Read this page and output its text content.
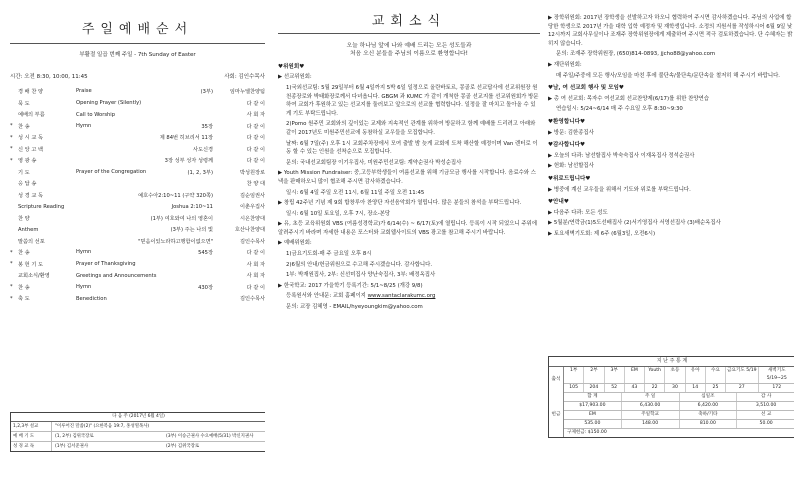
주일예배순서
부활절 일곱 번째 주일 - 7th Sunday of Easter
시간: 오전 8:30, 10:00, 11:45	사회: 김인수목사
경 배 찬 양	Praise	(3부)	임마누엘찬양팀
묵 도	Opening Prayer (Silently)	다 같 이
예배의 부름	Call to Worship	사 회 자
*	찬 송	Hymn	35장	다 같 이
*	성 시 교 독	제 84번 히브리서 11장	다 같 이
*	신 앙 고 백	사도신경	다 같 이
*	영 광 송	3장 성부 성자 성령께	다 같 이
기 도	Prayer of the Congregation	(1, 2, 3부)	박성원장로
응 답 송	찬 양 대
성 경 교 독	예호수아2:10~11 (구약 320쪽)	김순임권사
Scripture Reading	Joshua 2:10~11	이춘우집사
찬 양	(1부) 여호와여 나의 영혼이	시온찬양대
Anthem	(3부) 주는 나의 빛	호산나찬양대
말씀의 선포	"믿음이있노라하고행함이없으면"	김인수목사
*	찬 송	Hymn	545장	다 같 이
*	봉 헌 기 도	Prayer of Thanksgiving	사 회 자
교회소식/환영	Greetings and Announcements	사 회 자
*	찬 송	Hymn	430장	다 같 이
*	축 도	Benediction	김인수목사
다 음 주 (2017년 6월 4일)
1,2,3부 설교	"이루어진 말씀(2)" (요한복음 19:7, 홍성열목사)
예 배 기 도	(1, 2부) 김위국장로	(3부) 이승근권사 수요예배(5/31) 박신지권사
성 경 교 독	(1부) 김서준권사	(2부) 김위국장로
교회소식
오늘 하나님 앞에 나와 예배 드리는 모든 성도들과
처음 오신 분들을 주님의 이름으로 환영합니다!
♥위원회♥
▶ 선교위원회:
1)국외선교팀: 5월 29일부터 6월 4일까지 5박 6일 일정으로 올란바토르, 몽골로 선교답사에 선교위원장 원천종장로와 박태화장로께서 다녀옵니다. GBGM 과 KUMC 가 같이 개척한 몽골 선교지를 선교위원회가 방문하여 교회가 후원하고 있는 선교지를 둘러보고 앞으로의 선교를 협력합니다. 일정을 잘 마치고 돌아올 수 있게 기도 부탁드립니다.
2)Pomo 원주민 교회와의 깊이있는 교제와 지속적인 관계를 위하여 방문하고 함께 예배를 드리려고 아래와 같이 2017년도 미원주민선교에 동참하실 교우들을 모집합니다.
날짜: 6월 7일(주) 오후 1시 교회주차장에서 모여 출발 밤 늦게 교회에 도착 해산할 예정이며 Van 렌터로 이동 할 수 있는 인원을 선착순으로 모집합니다.
문의: 국내선교회팀장 이기우집사, 미원주민선교팀: 계약순권사 박성순집사
▶ Youth Mission Fundraiser: 중,고등부학생들이 여름선교를 위해 기금모금 행사를 시작합니다. 음료수와 스낵을 판매하오니 많이 협조해 주시면 감사하겠습니다.
일시: 6월 4일 주일 오전 11시, 6월 11일 주일 오전 11:45
▶ 창립 42주년 기념 제 9회 합창루아 찬양단 자선음악회가 열립니다. 많은 분들의 참석을 부탁드립니다.
일시: 6월 10일 토요일, 오후 7시, 장소-본당
▶ 유, 초등 교육위원회 VBS (여름성경학교)가 6/14(수) ~ 6/17(토)에 열립니다. 등록이 시작 되었으니 주위에 알려주시기 바라며 자세한 내용은 포스터와 교회웹사이트의 VBS 광고를 참고해 주시기 바랍니다.
▶ 예배위원회:
1)금요기도회-매 주 금요일 오후 8시
2)6월의 안내/헌금위원으로 수고해 주시겠습니다. 감사합니다.
1부: 박재원집사, 2부: 신선미집사 양난숙집사, 3부: 배정옥집사
▶ 한국학교: 2017 가을학기 등록기간: 5/1~8/25 (개강 9/8)
등록원서와 안내문: 교회 홈페이지 www.santaclarakumc.org
문의: 교장 김혜영 - EMAIL/hyeyoungkim@yahoo.com
▶ 장학위원회: 2017년 장학생을 선발하고자 하오니 협력하여 주시면 감사하겠습니다. 주님의 사업에 합당한 학생으로 2017년 가을 대학 입학 예정자 및 재학생입니다. 소정의 지원서를 작성하시어 6월 9일 낮 12시까지 교회사무실이나 조재주 장학위원장에게 제출하여 주시면 적극 검토하겠습니다. 단 수혜자는 밝히지 않습니다.
문의: 조재주 장학위원장, (650)814-0893, jjcho88@yahoo.com
▶ 재단위원회:
매 주일/주중에 모든 행사/모임을 마친 후에 불단속/물단속/문단속을 철저히 해 주시기 바랍니다.
♥남, 여 선교회 행사 및 모임♥
▶ 총 여 선교회: 목자수 여선교회 선교찬양제(6/17)를 위한 찬양연습
연습일시: 5/24~6/14 매 주 수요일 오후 8:30~9:30
♥환영합니다♥
▶ 방문: 김한종집사
♥감사합니다♥
▶ 오늘의 다과: 남선할집사 박숙숙집사 이재옥집사 정석순권사
▶ 헌화: 남선할집사
♥위로드립니다♥
▶ 병중에 계신 교우들을 위해서 기도와 위로를 부탁드립니다.
♥안내♥
▶ 다음주 다과: 모든 성도
▶ 5월분/연락금(1)5도선배집사 (2)서기영집사 서영선집사 (3)배순옥집사
▶ 토요새벽기도회: 제 6주 (6월3일, 오전6시)
지 난 주 통 계
출석
1부	2부	3부	EM	Youth	초등	유아	수요	금요기도 5/19	새벽기도 5/19~25
105	204	52	43	22	30	14	25	27	172
헌금
합 계	주 일	십일조	감 사
$17,903.00	6,430.00	6,420.00	3,510.00
EM	주일학교	축하/기타	선 교
535.00	148.00	810.00	50.00
구제헌금: $150.00
